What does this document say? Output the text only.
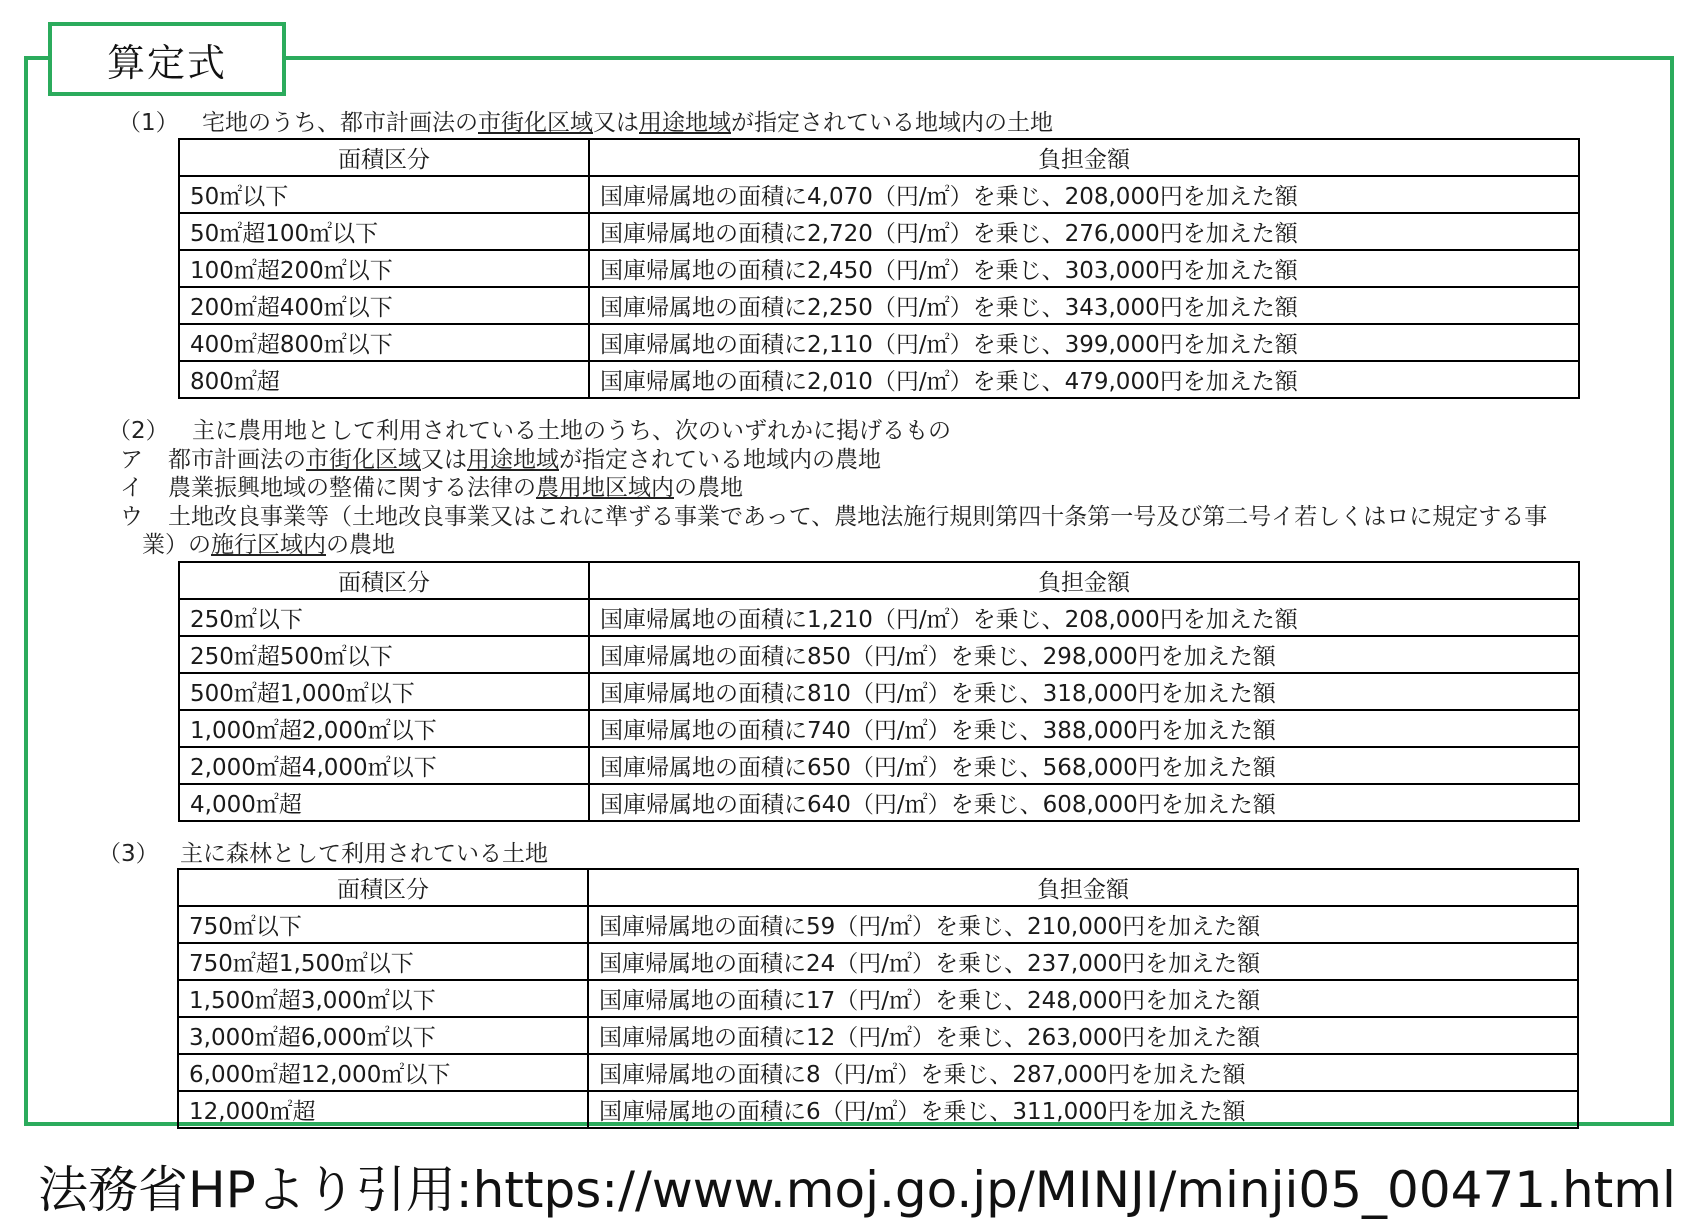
算定式
（1） 宅地のうち、都市計画法の市街化区域又は用途地域が指定されている地域内の土地
面積区分	負担金額
50㎡以下	国庫帰属地の面積に4,070（円/㎡）を乗じ、208,000円を加えた額
50㎡超100㎡以下	国庫帰属地の面積に2,720（円/㎡）を乗じ、276,000円を加えた額
100㎡超200㎡以下	国庫帰属地の面積に2,450（円/㎡）を乗じ、303,000円を加えた額
200㎡超400㎡以下	国庫帰属地の面積に2,250（円/㎡）を乗じ、343,000円を加えた額
400㎡超800㎡以下	国庫帰属地の面積に2,110（円/㎡）を乗じ、399,000円を加えた額
800㎡超	国庫帰属地の面積に2,010（円/㎡）を乗じ、479,000円を加えた額
（2） 主に農用地として利用されている土地のうち、次のいずれかに掲げるもの
ア 都市計画法の市街化区域又は用途地域が指定されている地域内の農地
イ 農業振興地域の整備に関する法律の農用地区域内の農地
ウ 土地改良事業等（土地改良事業又はこれに準ずる事業であって、農地法施行規則第四十条第一号及び第二号イ若しくはロに規定する事
業）の施行区域内の農地
面積区分	負担金額
250㎡以下	国庫帰属地の面積に1,210（円/㎡）を乗じ、208,000円を加えた額
250㎡超500㎡以下	国庫帰属地の面積に850（円/㎡）を乗じ、298,000円を加えた額
500㎡超1,000㎡以下	国庫帰属地の面積に810（円/㎡）を乗じ、318,000円を加えた額
1,000㎡超2,000㎡以下	国庫帰属地の面積に740（円/㎡）を乗じ、388,000円を加えた額
2,000㎡超4,000㎡以下	国庫帰属地の面積に650（円/㎡）を乗じ、568,000円を加えた額
4,000㎡超	国庫帰属地の面積に640（円/㎡）を乗じ、608,000円を加えた額
（3） 主に森林として利用されている土地
面積区分	負担金額
750㎡以下	国庫帰属地の面積に59（円/㎡）を乗じ、210,000円を加えた額
750㎡超1,500㎡以下	国庫帰属地の面積に24（円/㎡）を乗じ、237,000円を加えた額
1,500㎡超3,000㎡以下	国庫帰属地の面積に17（円/㎡）を乗じ、248,000円を加えた額
3,000㎡超6,000㎡以下	国庫帰属地の面積に12（円/㎡）を乗じ、263,000円を加えた額
6,000㎡超12,000㎡以下	国庫帰属地の面積に8（円/㎡）を乗じ、287,000円を加えた額
12,000㎡超	国庫帰属地の面積に6（円/㎡）を乗じ、311,000円を加えた額
法務省HPより引用:https://www.moj.go.jp/MINJI/minji05_00471.html
